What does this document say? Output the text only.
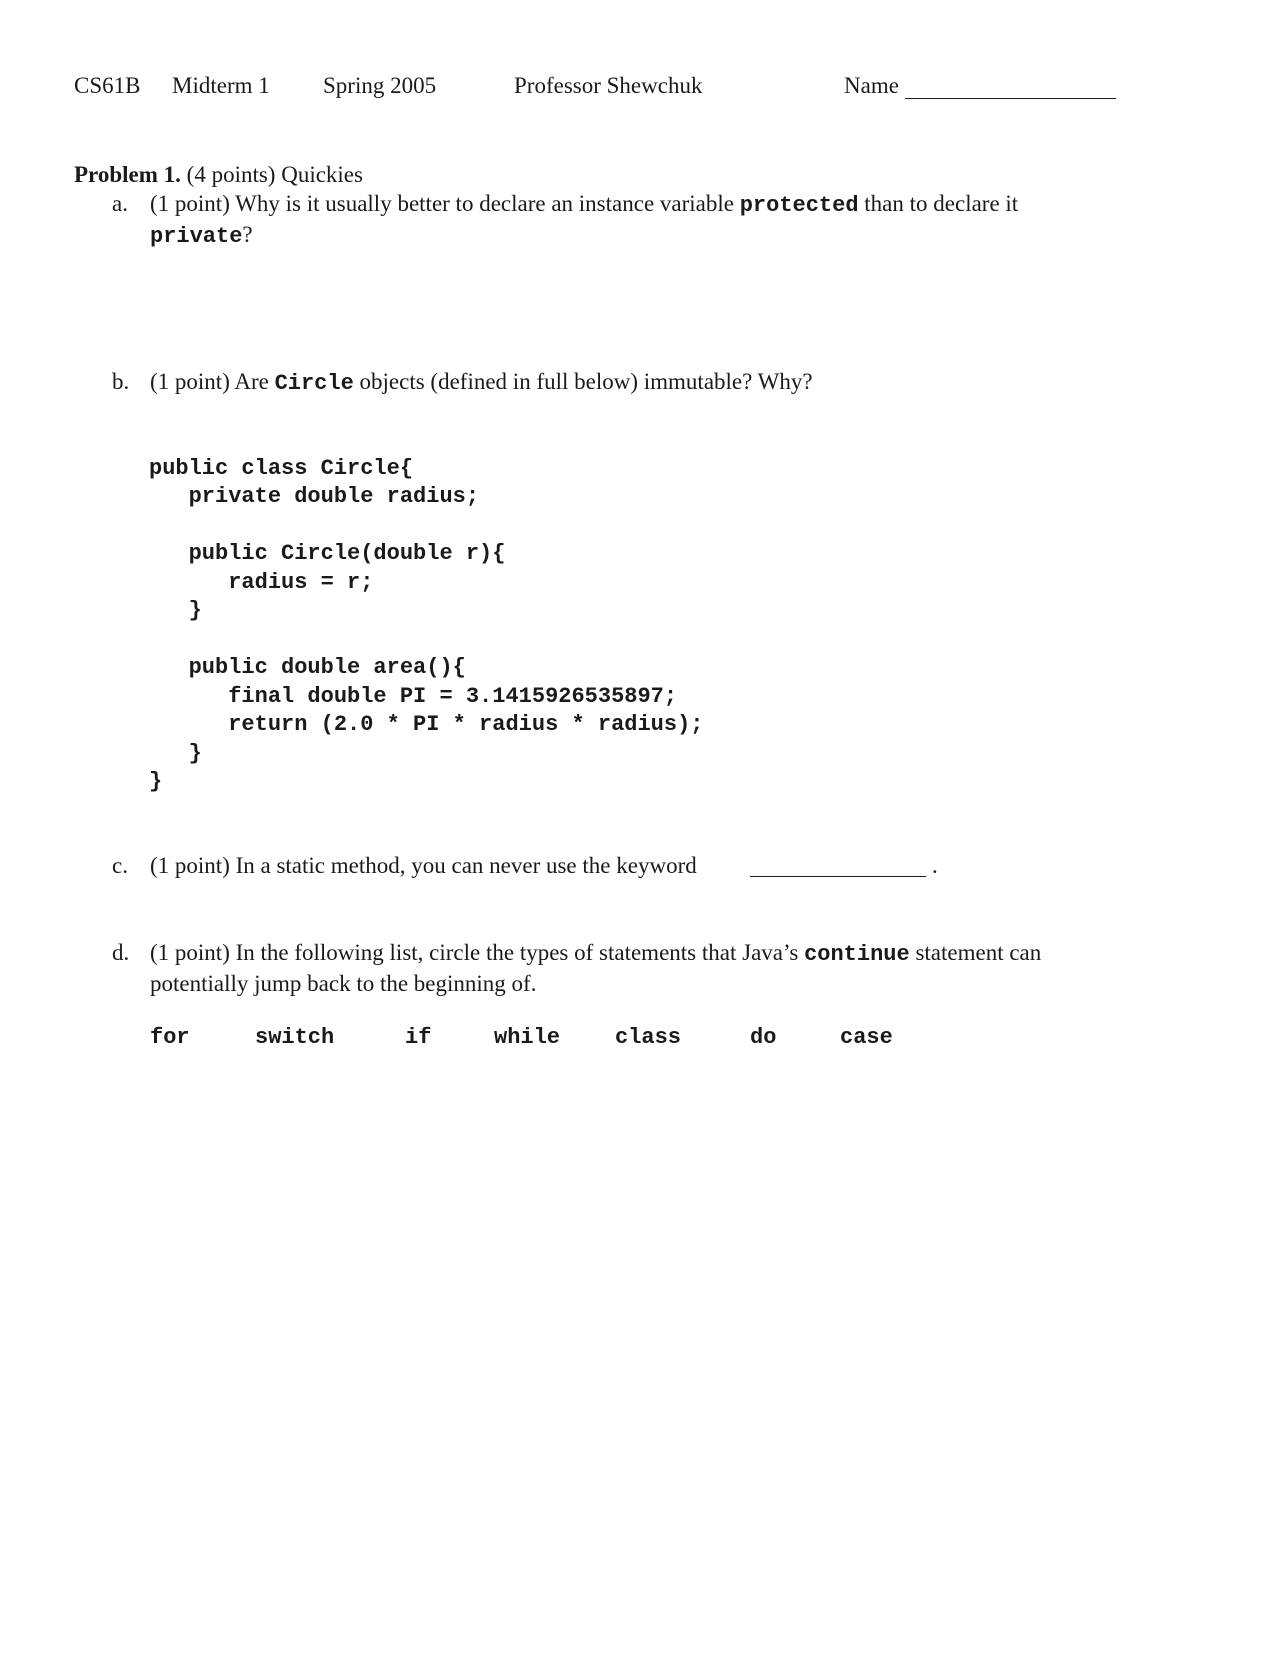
CS61B Midterm 1 Spring 2005	Professor Shewchuk	Name
Problem 1. (4 points) Quickies
a. (1 point) Why is it usually better to declare an instance variable protected than to declare it
private?
b. (1 point) Are Circle objects (defined in full below) immutable? Why?

public class Circle{
private double radius;

public Circle(double r){
radius = r;
}

public double area(){
final double PI = 3.1415926535897;
return (2.0 * PI * radius * radius);
}
}

c. (1 point) In a static method, you can never use the keyword	.
d. (1 point) In the following list, circle the types of statements that Java’s continue statement can
potentially jump back to the beginning of.
for	switch	if	while class	do	case
